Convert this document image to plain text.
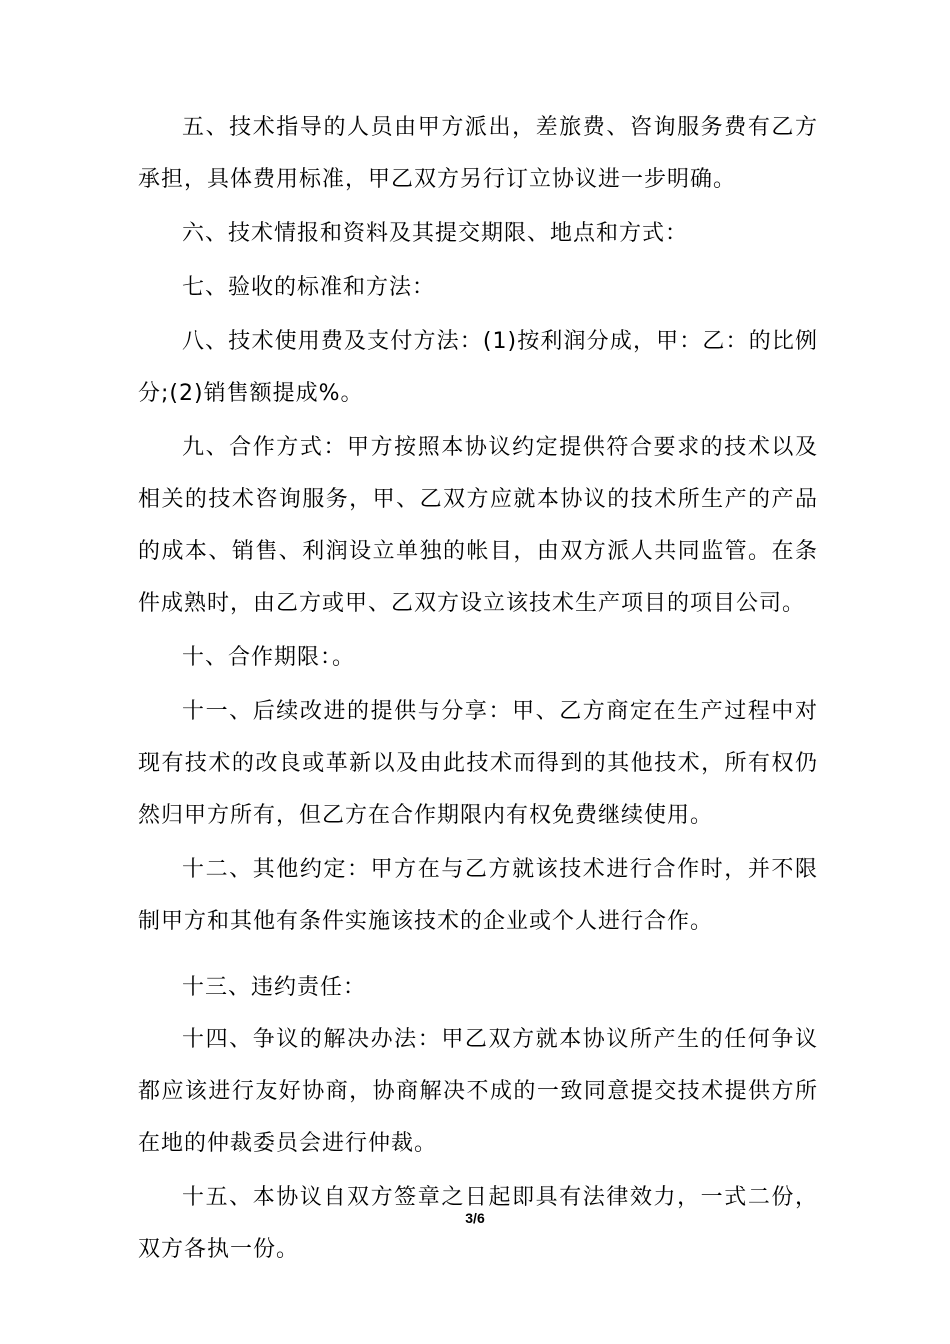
五、技术指导的人员由甲方派出，差旅费、咨询服务费有乙方承担，具体费用标准，甲乙双方另行订立协议进一步明确。

六、技术情报和资料及其提交期限、地点和方式：

七、验收的标准和方法：

八、技术使用费及支付方法：(1)按利润分成，甲：乙：的比例分;(2)销售额提成%。

九、合作方式：甲方按照本协议约定提供符合要求的技术以及相关的技术咨询服务，甲、乙双方应就本协议的技术所生产的产品的成本、销售、利润设立单独的帐目，由双方派人共同监管。在条件成熟时，由乙方或甲、乙双方设立该技术生产项目的项目公司。

十、合作期限：。

十一、后续改进的提供与分享：甲、乙方商定在生产过程中对现有技术的改良或革新以及由此技术而得到的其他技术，所有权仍然归甲方所有，但乙方在合作期限内有权免费继续使用。

十二、其他约定：甲方在与乙方就该技术进行合作时，并不限制甲方和其他有条件实施该技术的企业或个人进行合作。

十三、违约责任：

十四、争议的解决办法：甲乙双方就本协议所产生的任何争议都应该进行友好协商，协商解决不成的一致同意提交技术提供方所在地的仲裁委员会进行仲裁。

十五、本协议自双方签章之日起即具有法律效力，一式二份，双方各执一份。

3/6
